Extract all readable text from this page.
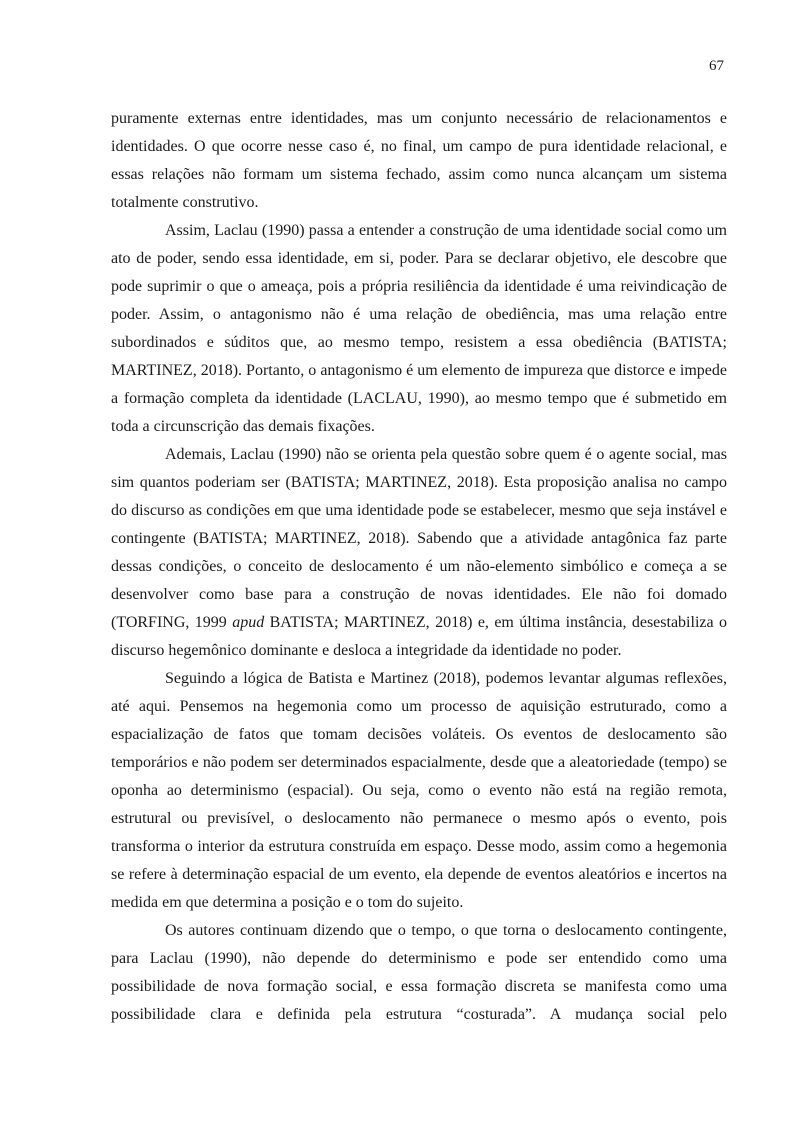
67

puramente externas entre identidades, mas um conjunto necessário de relacionamentos e identidades. O que ocorre nesse caso é, no final, um campo de pura identidade relacional, e essas relações não formam um sistema fechado, assim como nunca alcançam um sistema totalmente construtivo.

Assim, Laclau (1990) passa a entender a construção de uma identidade social como um ato de poder, sendo essa identidade, em si, poder. Para se declarar objetivo, ele descobre que pode suprimir o que o ameaça, pois a própria resiliência da identidade é uma reivindicação de poder. Assim, o antagonismo não é uma relação de obediência, mas uma relação entre subordinados e súditos que, ao mesmo tempo, resistem a essa obediência (BATISTA; MARTINEZ, 2018). Portanto, o antagonismo é um elemento de impureza que distorce e impede a formação completa da identidade (LACLAU, 1990), ao mesmo tempo que é submetido em toda a circunscrição das demais fixações.

Ademais, Laclau (1990) não se orienta pela questão sobre quem é o agente social, mas sim quantos poderiam ser (BATISTA; MARTINEZ, 2018). Esta proposição analisa no campo do discurso as condições em que uma identidade pode se estabelecer, mesmo que seja instável e contingente (BATISTA; MARTINEZ, 2018). Sabendo que a atividade antagônica faz parte dessas condições, o conceito de deslocamento é um não-elemento simbólico e começa a se desenvolver como base para a construção de novas identidades. Ele não foi domado (TORFING, 1999 apud BATISTA; MARTINEZ, 2018) e, em última instância, desestabiliza o discurso hegemônico dominante e desloca a integridade da identidade no poder.

Seguindo a lógica de Batista e Martinez (2018), podemos levantar algumas reflexões, até aqui. Pensemos na hegemonia como um processo de aquisição estruturado, como a espacialização de fatos que tomam decisões voláteis. Os eventos de deslocamento são temporários e não podem ser determinados espacialmente, desde que a aleatoriedade (tempo) se oponha ao determinismo (espacial). Ou seja, como o evento não está na região remota, estrutural ou previsível, o deslocamento não permanece o mesmo após o evento, pois transforma o interior da estrutura construída em espaço. Desse modo, assim como a hegemonia se refere à determinação espacial de um evento, ela depende de eventos aleatórios e incertos na medida em que determina a posição e o tom do sujeito.

Os autores continuam dizendo que o tempo, o que torna o deslocamento contingente, para Laclau (1990), não depende do determinismo e pode ser entendido como uma possibilidade de nova formação social, e essa formação discreta se manifesta como uma possibilidade clara e definida pela estrutura “costurada”. A mudança social pelo
